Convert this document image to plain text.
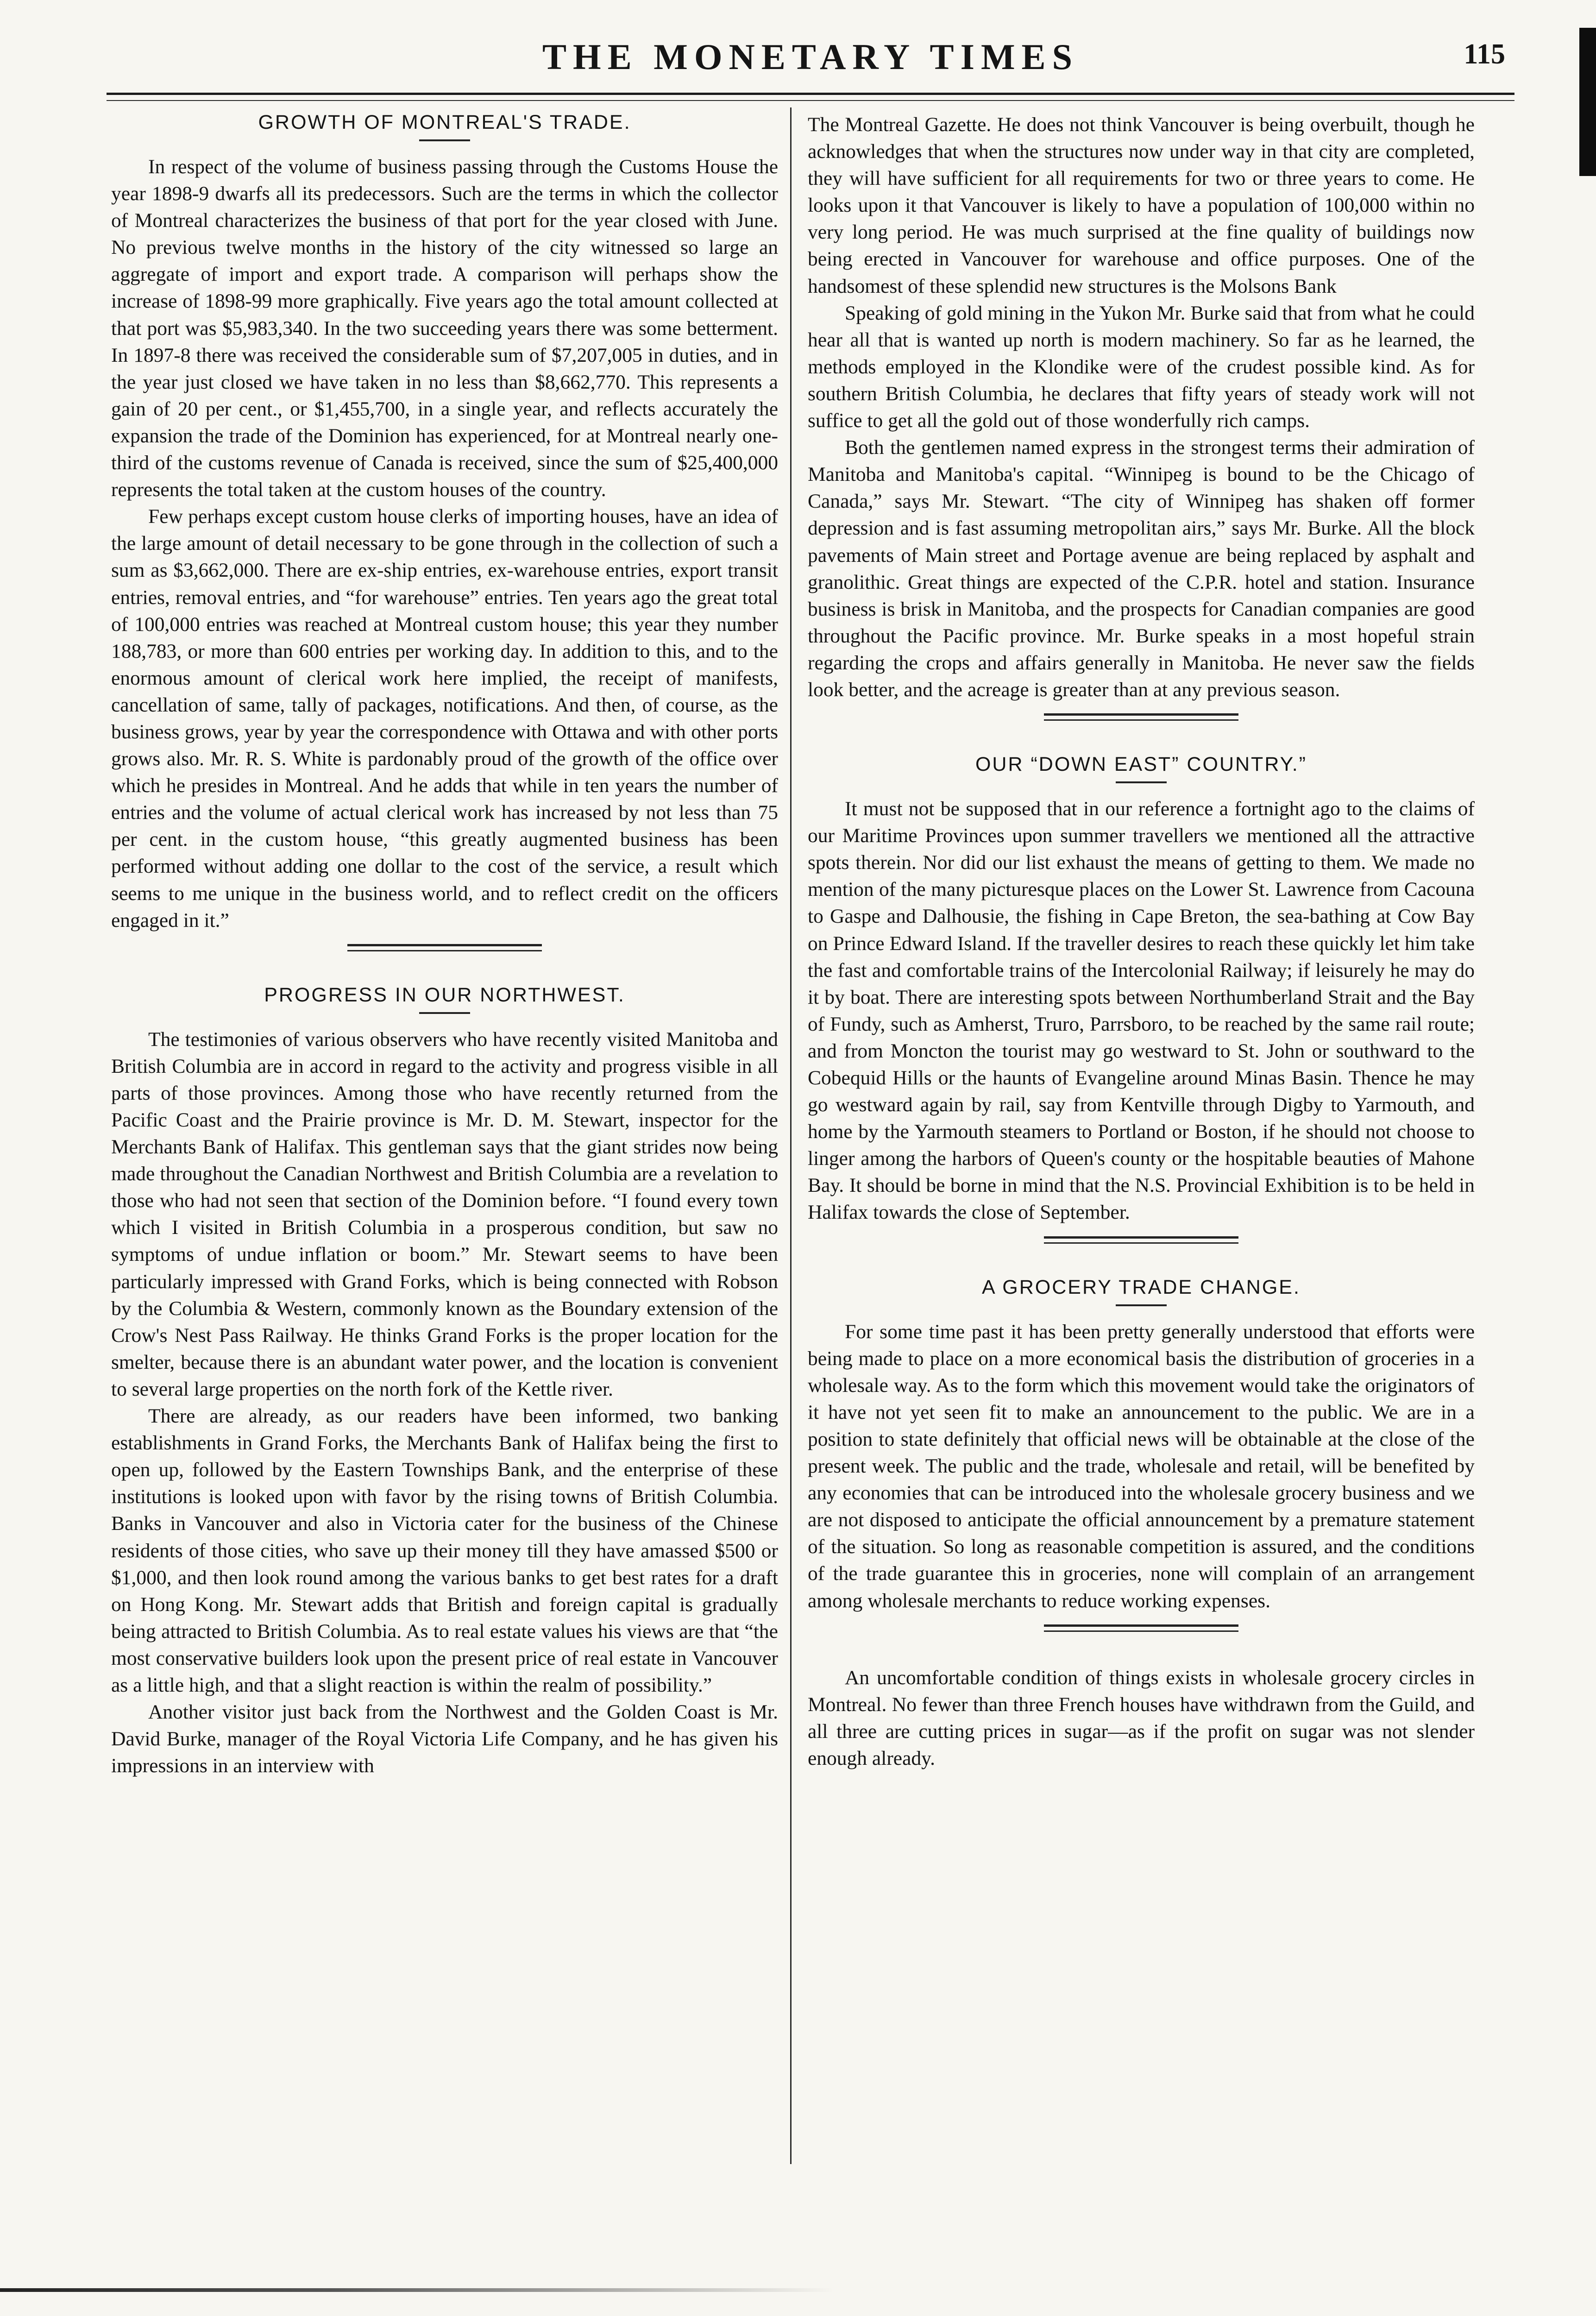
THE MONETARY TIMES	115
GROWTH OF MONTREAL'S TRADE.

In respect of the volume of business passing through the Customs House the year 1898-9 dwarfs all its predecessors. Such are the terms in which the collector of Montreal characterizes the business of that port for the year closed with June. No previous twelve months in the history of the city witnessed so large an aggregate of import and export trade. A comparison will perhaps show the increase of 1898-99 more graphically. Five years ago the total amount collected at that port was $5,983,340. In the two succeeding years there was some betterment. In 1897-8 there was received the considerable sum of $7,207,005 in duties, and in the year just closed we have taken in no less than $8,662,770. This represents a gain of 20 per cent., or $1,455,700, in a single year, and reflects accurately the expansion the trade of the Dominion has experienced, for at Montreal nearly one-third of the customs revenue of Canada is received, since the sum of $25,400,000 represents the total taken at the custom houses of the country.

Few perhaps except custom house clerks of importing houses, have an idea of the large amount of detail necessary to be gone through in the collection of such a sum as $3,662,000. There are ex-ship entries, ex-warehouse entries, export transit entries, removal entries, and “for warehouse” entries. Ten years ago the great total of 100,000 entries was reached at Montreal custom house; this year they number 188,783, or more than 600 entries per working day. In addition to this, and to the enormous amount of clerical work here implied, the receipt of manifests, cancellation of same, tally of packages, notifications. And then, of course, as the business grows, year by year the correspondence with Ottawa and with other ports grows also. Mr. R. S. White is pardonably proud of the growth of the office over which he presides in Montreal. And he adds that while in ten years the number of entries and the volume of actual clerical work has increased by not less than 75 per cent. in the custom house, “this greatly augmented business has been performed without adding one dollar to the cost of the service, a result which seems to me unique in the business world, and to reflect credit on the officers engaged in it.”

PROGRESS IN OUR NORTHWEST.

The testimonies of various observers who have recently visited Manitoba and British Columbia are in accord in regard to the activity and progress visible in all parts of those provinces. Among those who have recently returned from the Pacific Coast and the Prairie province is Mr. D. M. Stewart, inspector for the Merchants Bank of Halifax. This gentleman says that the giant strides now being made throughout the Canadian Northwest and British Columbia are a revelation to those who had not seen that section of the Dominion before. “I found every town which I visited in British Columbia in a prosperous condition, but saw no symptoms of undue inflation or boom.” Mr. Stewart seems to have been particularly impressed with Grand Forks, which is being connected with Robson by the Columbia & Western, commonly known as the Boundary extension of the Crow's Nest Pass Railway. He thinks Grand Forks is the proper location for the smelter, because there is an abundant water power, and the location is convenient to several large properties on the north fork of the Kettle river.

There are already, as our readers have been informed, two banking establishments in Grand Forks, the Merchants Bank of Halifax being the first to open up, followed by the Eastern Townships Bank, and the enterprise of these institutions is looked upon with favor by the rising towns of British Columbia. Banks in Vancouver and also in Victoria cater for the business of the Chinese residents of those cities, who save up their money till they have amassed $500 or $1,000, and then look round among the various banks to get best rates for a draft on Hong Kong. Mr. Stewart adds that British and foreign capital is gradually being attracted to British Columbia. As to real estate values his views are that “the most conservative builders look upon the present price of real estate in Vancouver as a little high, and that a slight reaction is within the realm of possibility.”

Another visitor just back from the Northwest and the Golden Coast is Mr. David Burke, manager of the Royal Victoria Life Company, and he has given his impressions in an interview with

The Montreal Gazette. He does not think Vancouver is being overbuilt, though he acknowledges that when the structures now under way in that city are completed, they will have sufficient for all requirements for two or three years to come. He looks upon it that Vancouver is likely to have a population of 100,000 within no very long period. He was much surprised at the fine quality of buildings now being erected in Vancouver for warehouse and office purposes. One of the handsomest of these splendid new structures is the Molsons Bank

Speaking of gold mining in the Yukon Mr. Burke said that from what he could hear all that is wanted up north is modern machinery. So far as he learned, the methods employed in the Klondike were of the crudest possible kind. As for southern British Columbia, he declares that fifty years of steady work will not suffice to get all the gold out of those wonderfully rich camps.

Both the gentlemen named express in the strongest terms their admiration of Manitoba and Manitoba's capital. “Winnipeg is bound to be the Chicago of Canada,” says Mr. Stewart. “The city of Winnipeg has shaken off former depression and is fast assuming metropolitan airs,” says Mr. Burke. All the block pavements of Main street and Portage avenue are being replaced by asphalt and granolithic. Great things are expected of the C.P.R. hotel and station. Insurance business is brisk in Manitoba, and the prospects for Canadian companies are good throughout the Pacific province. Mr. Burke speaks in a most hopeful strain regarding the crops and affairs generally in Manitoba. He never saw the fields look better, and the acreage is greater than at any previous season.

OUR “DOWN EAST” COUNTRY.”

It must not be supposed that in our reference a fortnight ago to the claims of our Maritime Provinces upon summer travellers we mentioned all the attractive spots therein. Nor did our list exhaust the means of getting to them. We made no mention of the many picturesque places on the Lower St. Lawrence from Cacouna to Gaspe and Dalhousie, the fishing in Cape Breton, the sea-bathing at Cow Bay on Prince Edward Island. If the traveller desires to reach these quickly let him take the fast and comfortable trains of the Intercolonial Railway; if leisurely he may do it by boat. There are interesting spots between Northumberland Strait and the Bay of Fundy, such as Amherst, Truro, Parrsboro, to be reached by the same rail route; and from Moncton the tourist may go westward to St. John or southward to the Cobequid Hills or the haunts of Evangeline around Minas Basin. Thence he may go westward again by rail, say from Kentville through Digby to Yarmouth, and home by the Yarmouth steamers to Portland or Boston, if he should not choose to linger among the harbors of Queen's county or the hospitable beauties of Mahone Bay. It should be borne in mind that the N.S. Provincial Exhibition is to be held in Halifax towards the close of September.

A GROCERY TRADE CHANGE.

For some time past it has been pretty generally understood that efforts were being made to place on a more economical basis the distribution of groceries in a wholesale way. As to the form which this movement would take the originators of it have not yet seen fit to make an announcement to the public. We are in a position to state definitely that official news will be obtainable at the close of the present week. The public and the trade, wholesale and retail, will be benefited by any economies that can be introduced into the wholesale grocery business and we are not disposed to anticipate the official announcement by a premature statement of the situation. So long as reasonable competition is assured, and the conditions of the trade guarantee this in groceries, none will complain of an arrangement among wholesale merchants to reduce working expenses.

An uncomfortable condition of things exists in wholesale grocery circles in Montreal. No fewer than three French houses have withdrawn from the Guild, and all three are cutting prices in sugar—as if the profit on sugar was not slender enough already.
